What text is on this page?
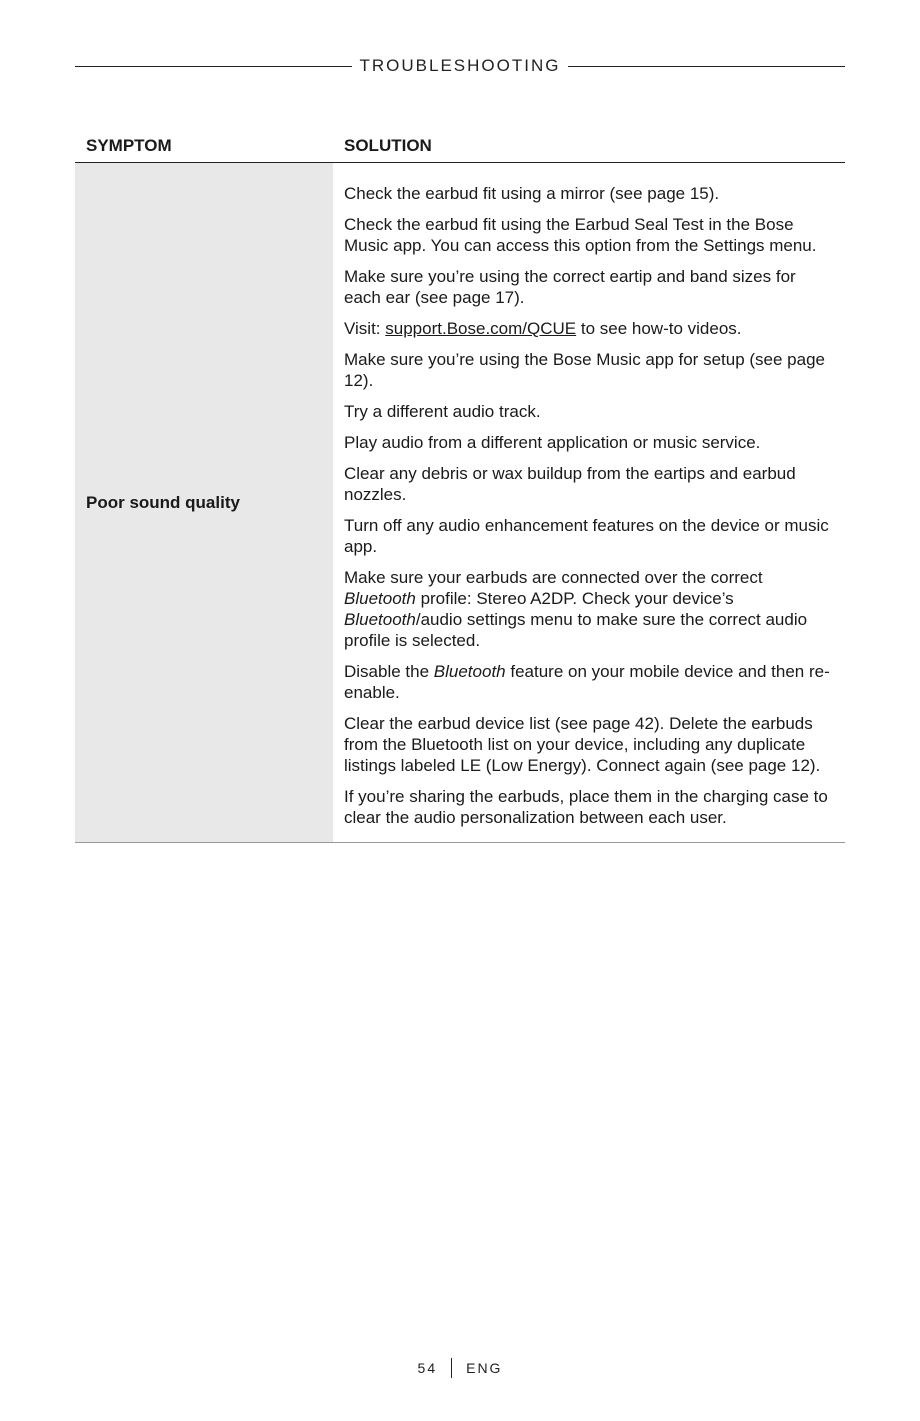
TROUBLESHOOTING
SYMPTOM	SOLUTION
Poor sound quality

Check the earbud fit using a mirror (see page 15).

Check the earbud fit using the Earbud Seal Test in the Bose Music app. You can access this option from the Settings menu.

Make sure you’re using the correct eartip and band sizes for each ear (see page 17).

Visit: support.Bose.com/QCUE to see how-to videos.

Make sure you’re using the Bose Music app for setup (see page 12).

Try a different audio track.

Play audio from a different application or music service.

Clear any debris or wax buildup from the eartips and earbud nozzles.

Turn off any audio enhancement features on the device or music app.

Make sure your earbuds are connected over the correct Bluetooth profile: Stereo A2DP. Check your device’s Bluetooth/audio settings menu to make sure the correct audio profile is selected.

Disable the Bluetooth feature on your mobile device and then re-enable.

Clear the earbud device list (see page 42). Delete the earbuds from the Bluetooth list on your device, including any duplicate listings labeled LE (Low Energy). Connect again (see page 12).

If you’re sharing the earbuds, place them in the charging case to clear the audio personalization between each user.

54 ENG
